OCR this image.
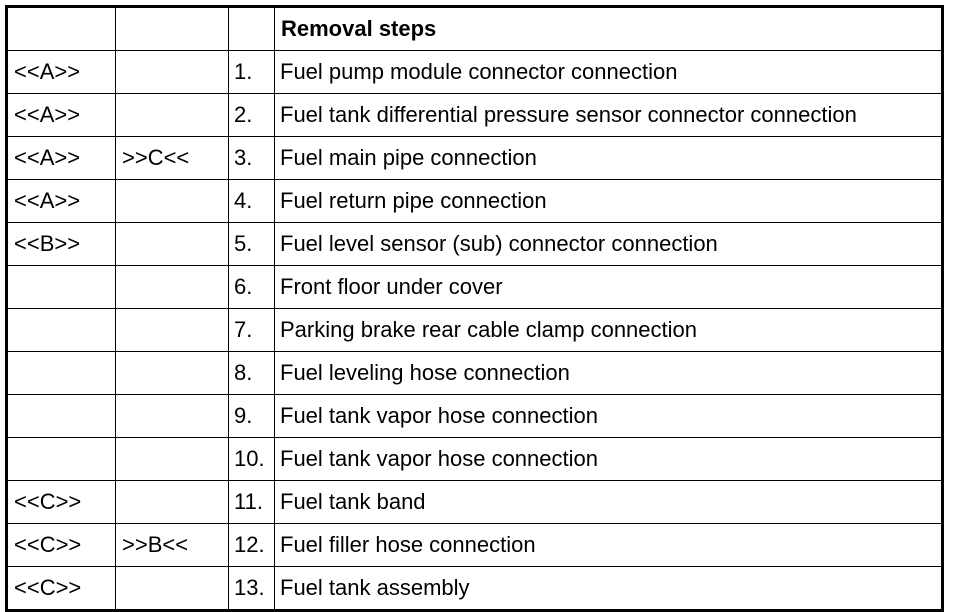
			Removal steps
<<A>>		1.	Fuel pump module connector connection
<<A>>		2.	Fuel tank differential pressure sensor connector connection
<<A>>	>>C<<	3.	Fuel main pipe connection
<<A>>		4.	Fuel return pipe connection
<<B>>		5.	Fuel level sensor (sub) connector connection
		6.	Front floor under cover
		7.	Parking brake rear cable clamp connection
		8.	Fuel leveling hose connection
		9.	Fuel tank vapor hose connection
		10.	Fuel tank vapor hose connection
<<C>>		11.	Fuel tank band
<<C>>	>>B<<	12.	Fuel filler hose connection
<<C>>		13.	Fuel tank assembly
